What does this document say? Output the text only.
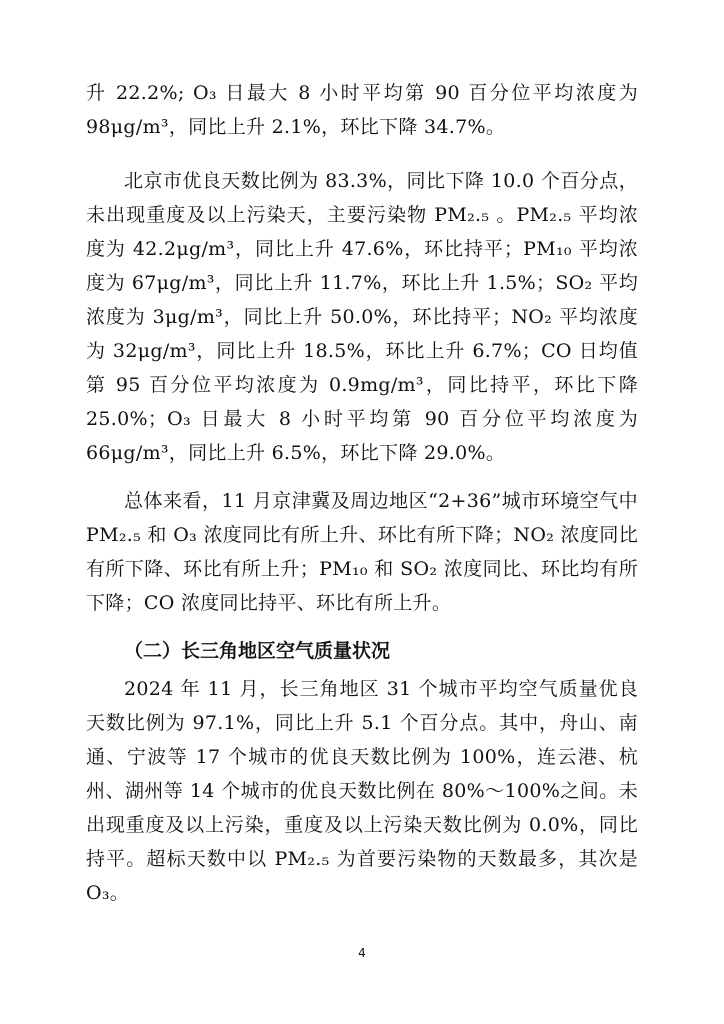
升 22.2%; O₃ 日最大 8 小时平均第 90 百分位平均浓度为 98μg/m³，同比上升 2.1%，环比下降 34.7%。

北京市优良天数比例为 83.3%，同比下降 10.0 个百分点，未出现重度及以上污染天，主要污染物 PM₂.₅ 。PM₂.₅ 平均浓度为 42.2μg/m³，同比上升 47.6%，环比持平；PM₁₀ 平均浓度为 67μg/m³，同比上升 11.7%，环比上升 1.5%；SO₂ 平均浓度为 3μg/m³，同比上升 50.0%，环比持平；NO₂ 平均浓度为 32μg/m³，同比上升 18.5%，环比上升 6.7%；CO 日均值第 95 百分位平均浓度为 0.9mg/m³，同比持平，环比下降 25.0%；O₃ 日最大 8 小时平均第 90 百分位平均浓度为 66μg/m³，同比上升 6.5%，环比下降 29.0%。

总体来看，11 月京津冀及周边地区“2+36”城市环境空气中 PM₂.₅ 和 O₃ 浓度同比有所上升、环比有所下降；NO₂ 浓度同比有所下降、环比有所上升；PM₁₀ 和 SO₂ 浓度同比、环比均有所下降；CO 浓度同比持平、环比有所上升。

（二）长三角地区空气质量状况

2024 年 11 月，长三角地区 31 个城市平均空气质量优良天数比例为 97.1%，同比上升 5.1 个百分点。其中，舟山、南通、宁波等 17 个城市的优良天数比例为 100%，连云港、杭州、湖州等 14 个城市的优良天数比例在 80%～100%之间。未出现重度及以上污染，重度及以上污染天数比例为 0.0%，同比持平。超标天数中以 PM₂.₅ 为首要污染物的天数最多，其次是 O₃。

4
